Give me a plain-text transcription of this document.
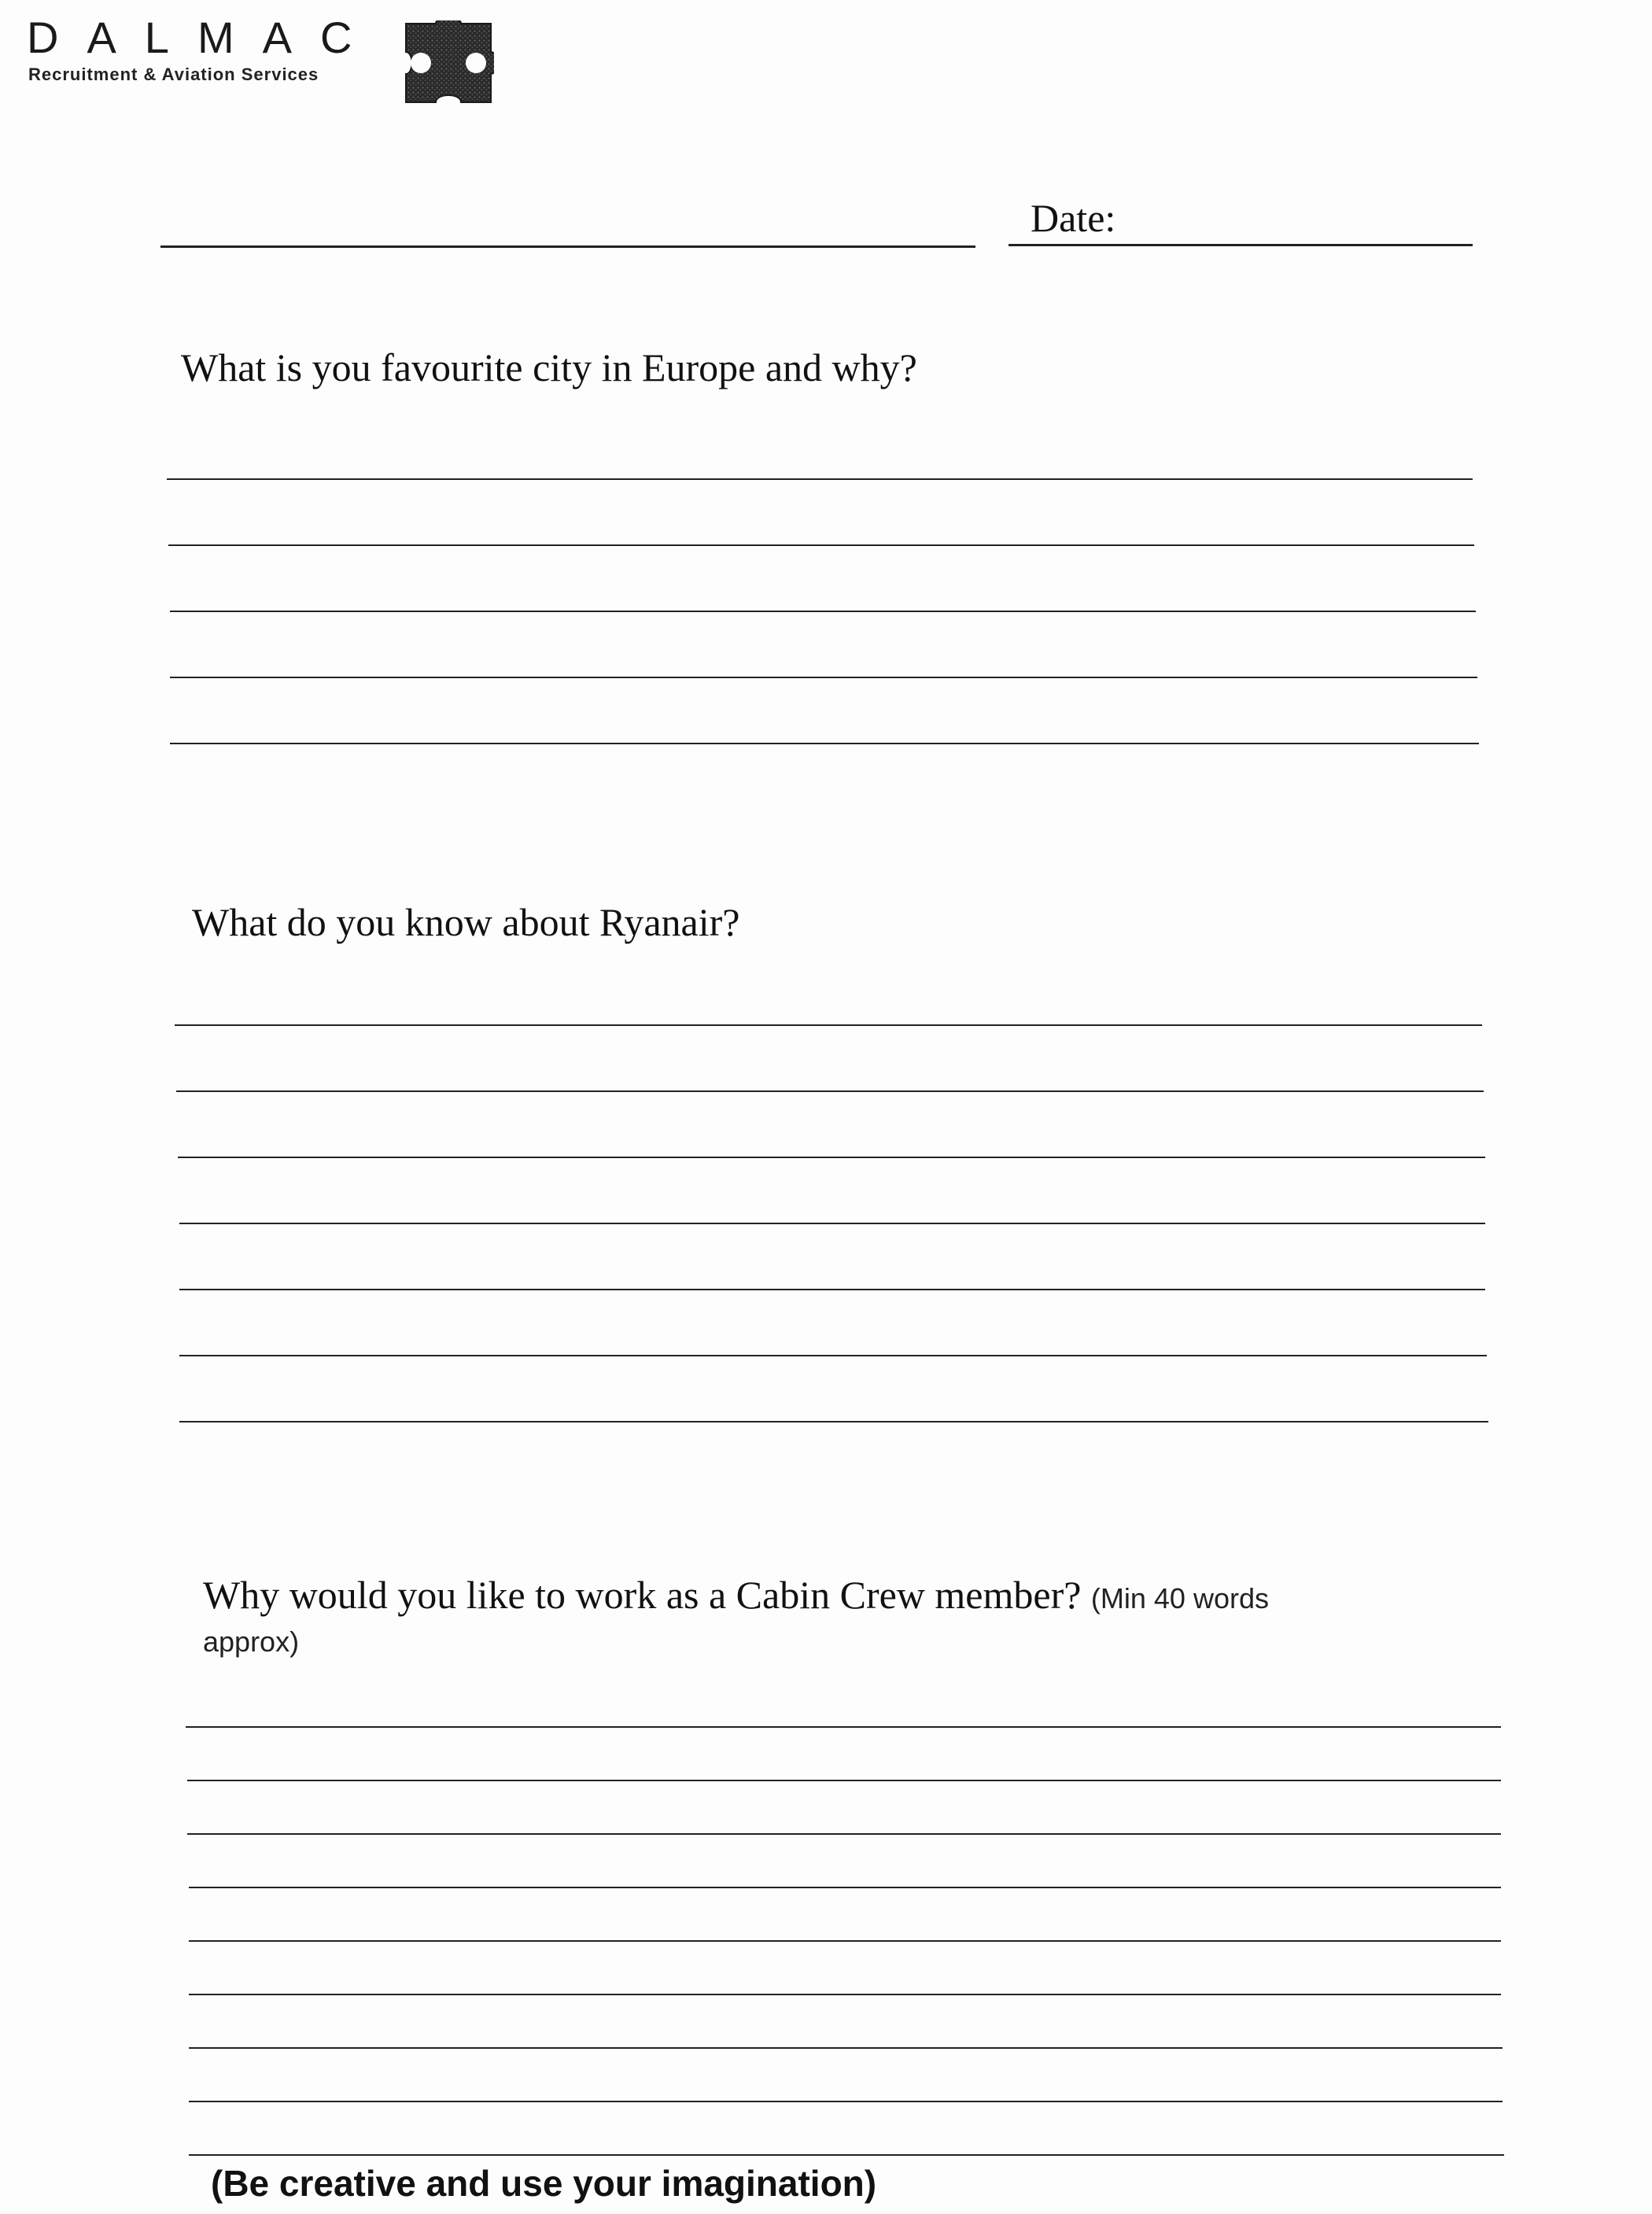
DALMAC
Recruitment & Aviation Services
Date:
What is you favourite city in Europe and why?
What do you know about Ryanair?
Why would you like to work as a Cabin Crew member? (Min 40 words
approx)
(Be creative and use your imagination)
